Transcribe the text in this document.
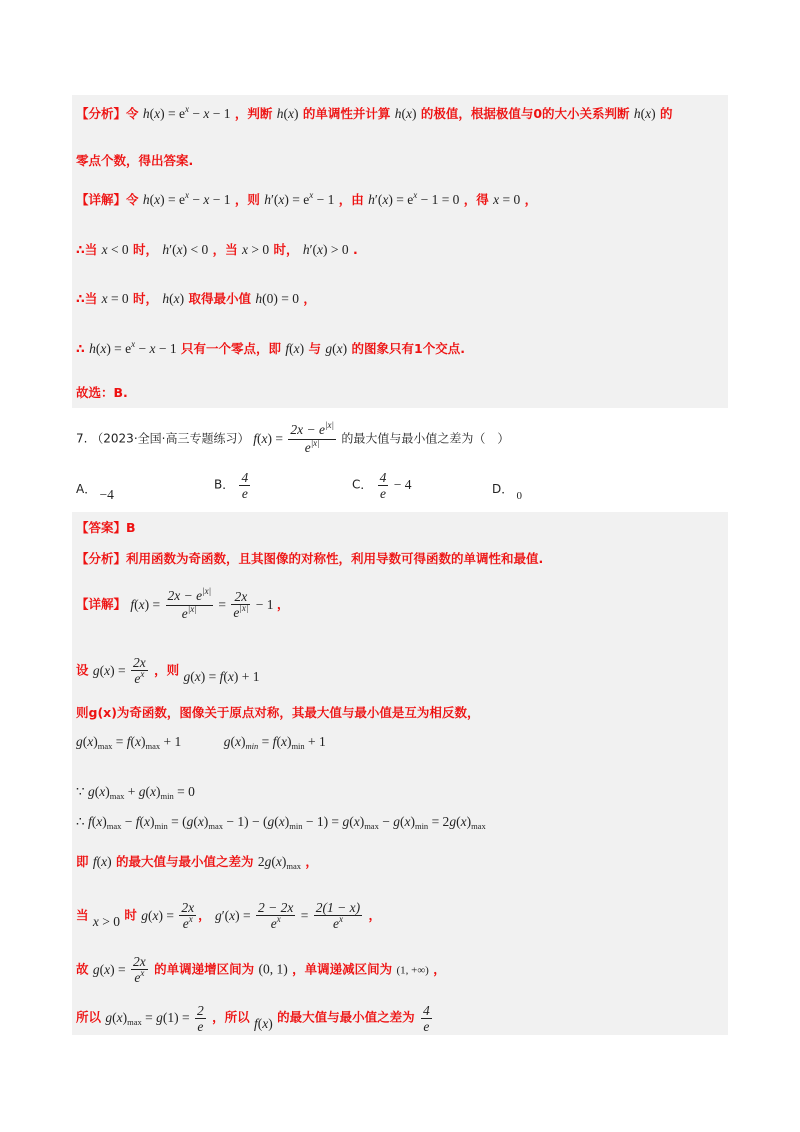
【分析】令 $h(x) = e^x - x - 1$ ，判断 h(x) 的单调性并计算 h(x) 的极值，根据极值与0的大小关系判断 h(x) 的
零点个数，得出答案.
【详解】令 $h(x) = e^x - x - 1$ ，则 $h'(x) = e^x - 1$ ，由 $h'(x) = e^x - 1 = 0$ ，得 x = 0 ，
∴当 x < 0 时， h′(x) < 0 ，当 x > 0 时， h′(x) > 0 .
∴当 x = 0 时， h(x) 取得最小值 h(0) = 0 ，
∴ $h(x) = e^x - x - 1$ 只有一个零点，即 f(x) 与 g(x) 的图象只有1个交点.
故选：B.
7. （2023·全国·高三专题练习） $f(x) = \frac{2x - e^{|x|}}{e^{|x|}}$ 的最大值与最小值之差为（　）
A． −4
B． $\frac{4}{e}$	C． $\frac{4}{e} - 4$	D． $_0$
【答案】B
【分析】利用函数为奇函数，且其图像的对称性，利用导数可得函数的单调性和最值.
【详解】 $f(x) = \frac{2x - e^{|x|}}{e^{|x|}} = \frac{2x}{e^{|x|}} - 1$ ，
设 $g(x) = \frac{2x}{e^x}$ ，则 g(x) = f(x) + 1
则g(x)为奇函数，图像关于原点对称，其最大值与最小值是互为相反数，
$g(x)_{max} = f(x)_{max} + 1$	$g(x)_{min} = f(x)_{min} + 1$
∵ $g(x)_{max} + g(x)_{min} = 0$
∴ $f(x)_{max} - f(x)_{min} = (g(x)_{max} - 1) - (g(x)_{min} - 1) = g(x)_{max} - g(x)_{min} = 2g(x)_{max}$
即 f(x) 的最大值与最小值之差为 $2g(x)_{max}$ ，
当 x > 0 时 $g(x) = \frac{2x}{e^x}$ ， $g'(x) = \frac{2 - 2x}{e^x} = \frac{2(1 - x)}{e^x}$ ，
故 $g(x) = \frac{2x}{e^x}$ 的单调递增区间为 (0, 1) ，单调递减区间为 (1, +∞) ，
所以 $g(x)_{max} = g(1) = \frac{2}{e}$ ，所以 f(x) 的最大值与最小值之差为 $\frac{4}{e}$
